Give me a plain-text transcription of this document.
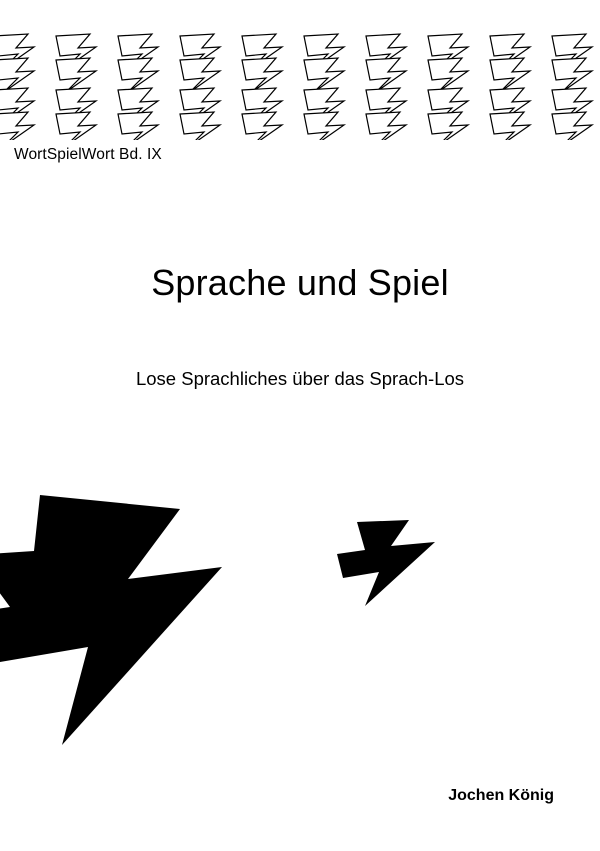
WortSpielWort Bd. IX
Sprache und Spiel
Lose Sprachliches über das Sprach-Los
Jochen König
